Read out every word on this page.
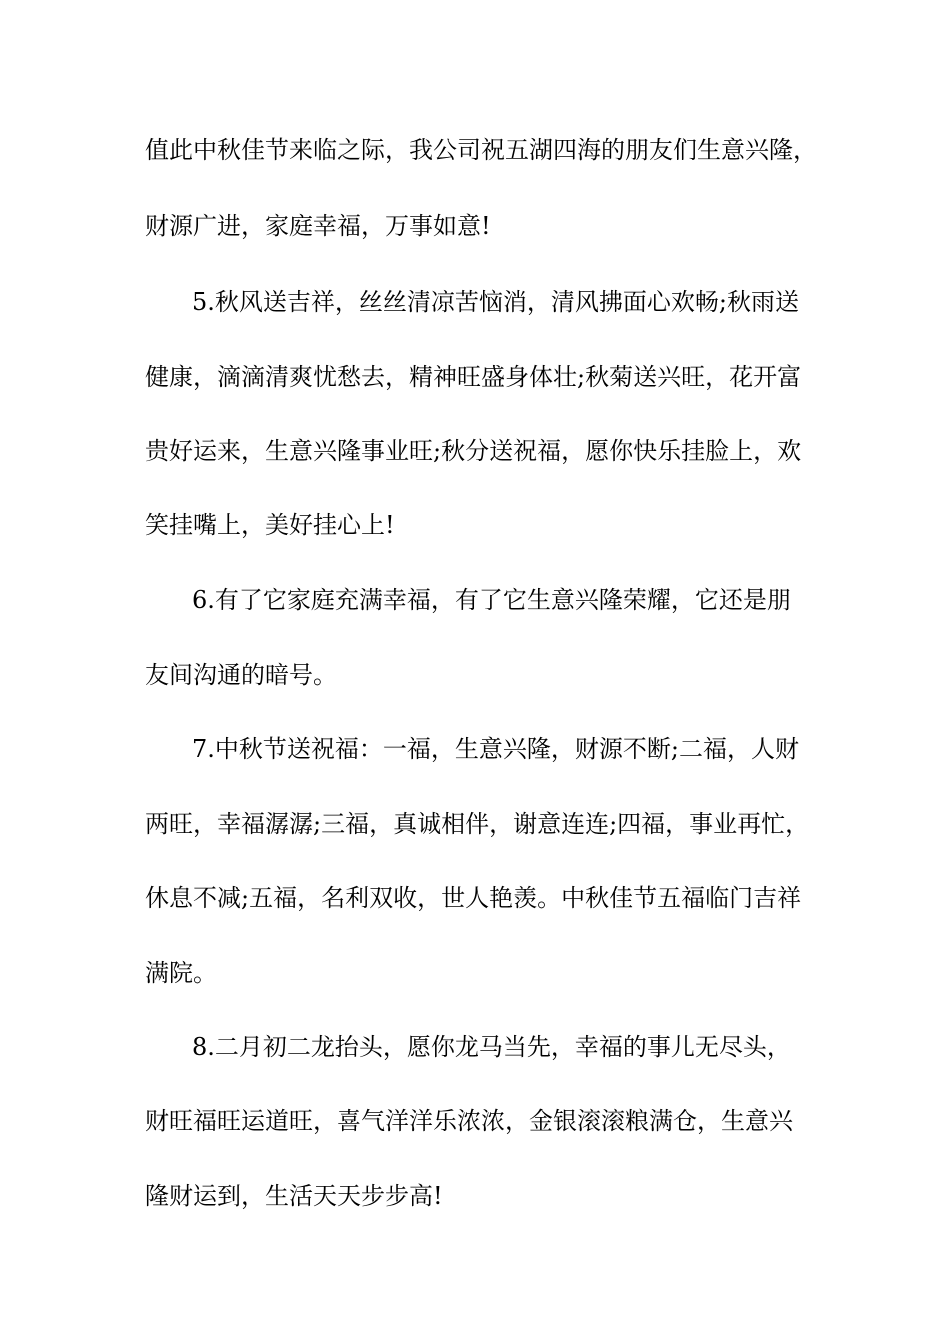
值此中秋佳节来临之际，我公司祝五湖四海的朋友们生意兴隆，
财源广进，家庭幸福，万事如意!
5.秋风送吉祥，丝丝清凉苦恼消，清风拂面心欢畅;秋雨送
健康，滴滴清爽忧愁去，精神旺盛身体壮;秋菊送兴旺，花开富
贵好运来，生意兴隆事业旺;秋分送祝福，愿你快乐挂脸上，欢
笑挂嘴上，美好挂心上!
6.有了它家庭充满幸福，有了它生意兴隆荣耀，它还是朋
友间沟通的暗号。
7.中秋节送祝福：一福，生意兴隆，财源不断;二福，人财
两旺，幸福潺潺;三福，真诚相伴，谢意连连;四福，事业再忙，
休息不减;五福，名利双收，世人艳羡。中秋佳节五福临门吉祥
满院。
8.二月初二龙抬头，愿你龙马当先，幸福的事儿无尽头，
财旺福旺运道旺，喜气洋洋乐浓浓，金银滚滚粮满仓，生意兴
隆财运到，生活天天步步高!
